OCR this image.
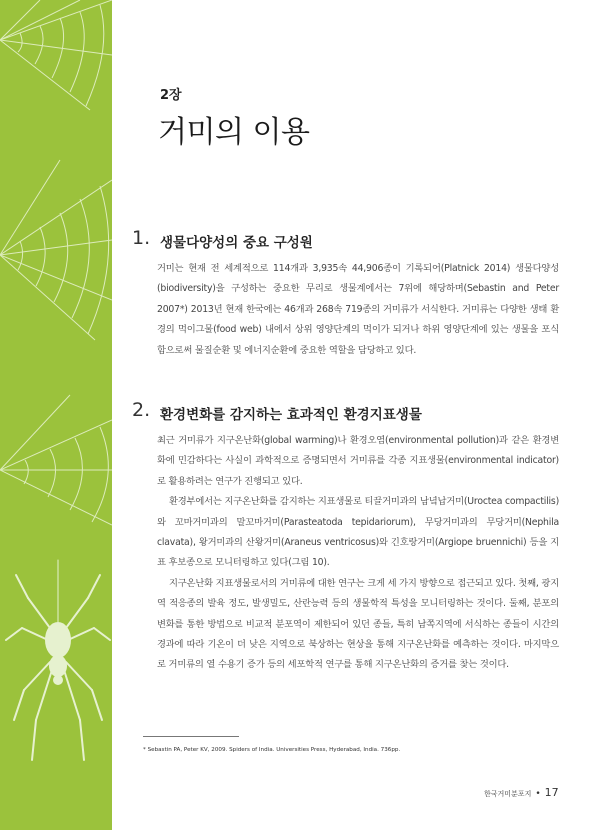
2장
거미의 이용
1. 생물다양성의 중요 구성원

거미는 현재 전 세계적으로 114개과 3,935속 44,906종이 기록되어(Platnick 2014) 생물다양성(biodiversity)을 구성하는 중요한 무리로 생물계에서는 7위에 해당하며(Sebastin and Peter 2007*) 2013년 현재 한국에는 46개과 268속 719종의 거미류가 서식한다. 거미류는 다양한 생태 환경의 먹이그물(food web) 내에서 상위 영양단계의 먹이가 되거나 하위 영양단계에 있는 생물을 포식함으로써 물질순환 및 에너지순환에 중요한 역할을 담당하고 있다.

2. 환경변화를 감지하는 효과적인 환경지표생물

최근 거미류가 지구온난화(global warming)나 환경오염(environmental pollution)과 같은 환경변화에 민감하다는 사실이 과학적으로 증명되면서 거미류를 각종 지표생물(environmental indicator)로 활용하려는 연구가 진행되고 있다.

환경부에서는 지구온난화를 감지하는 지표생물로 티끌거미과의 남녘납거미(Uroctea compactilis)와 꼬마거미과의 말꼬마거미(Parasteatoda tepidariorum), 무당거미과의 무당거미(Nephila clavata), 왕거미과의 산왕거미(Araneus ventricosus)와 긴호랑거미(Argiope bruennichi) 등을 지표 후보종으로 모니터링하고 있다(그림 10).

지구온난화 지표생물로서의 거미류에 대한 연구는 크게 세 가지 방향으로 접근되고 있다. 첫째, 광지역 적응종의 발육 정도, 발생밀도, 산란능력 등의 생물학적 특성을 모니터링하는 것이다. 둘째, 분포의 변화를 통한 방법으로 비교적 분포역이 제한되어 있던 종들, 특히 남쪽지역에 서식하는 종들이 시간의 경과에 따라 기온이 더 낮은 지역으로 북상하는 현상을 통해 지구온난화를 예측하는 것이다. 마지막으로 거미류의 열 수용기 증가 등의 세포학적 연구를 통해 지구온난화의 증거를 찾는 것이다.

* Sebastin PA, Peter KV, 2009. Spiders of India. Universities Press, Hyderabad, India. 736pp.
한국거미분포지 • 17
